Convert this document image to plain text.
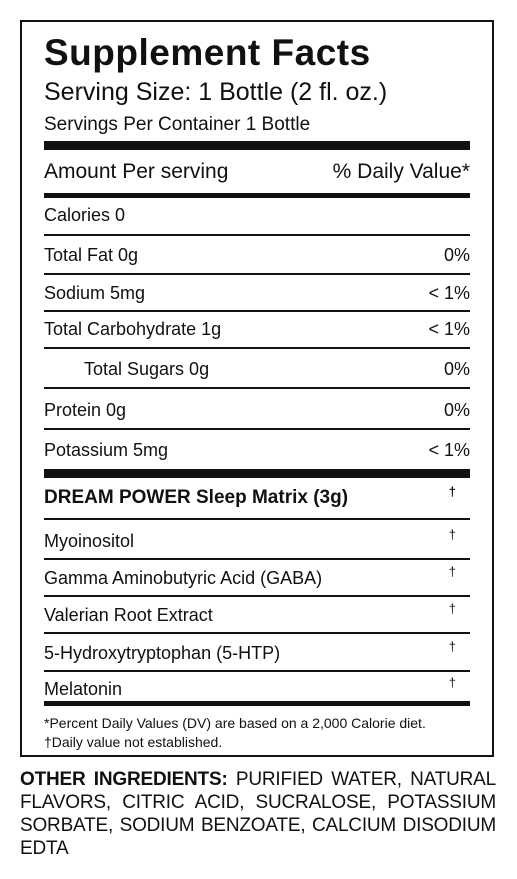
Supplement Facts
Serving Size: 1 Bottle (2 fl. oz.)
Servings Per Container 1 Bottle
Amount Per serving	% Daily Value*
Calories 0
Total Fat 0g	0%
Sodium 5mg	< 1%
Total Carbohydrate 1g	< 1%
Total Sugars 0g	0%
Protein 0g	0%
Potassium 5mg	< 1%
DREAM POWER Sleep Matrix (3g)	†
Myoinositol	†
Gamma Aminobutyric Acid (GABA)	†
Valerian Root Extract	†
5-Hydroxytryptophan (5-HTP)	†
Melatonin	†
*Percent Daily Values (DV) are based on a 2,000 Calorie diet.
†Daily value not established.
OTHER INGREDIENTS: PURIFIED WATER, NATURAL FLAVORS, CITRIC ACID, SUCRALOSE, POTASSIUM SORBATE, SODIUM BENZOATE, CALCIUM DISODIUM EDTA
